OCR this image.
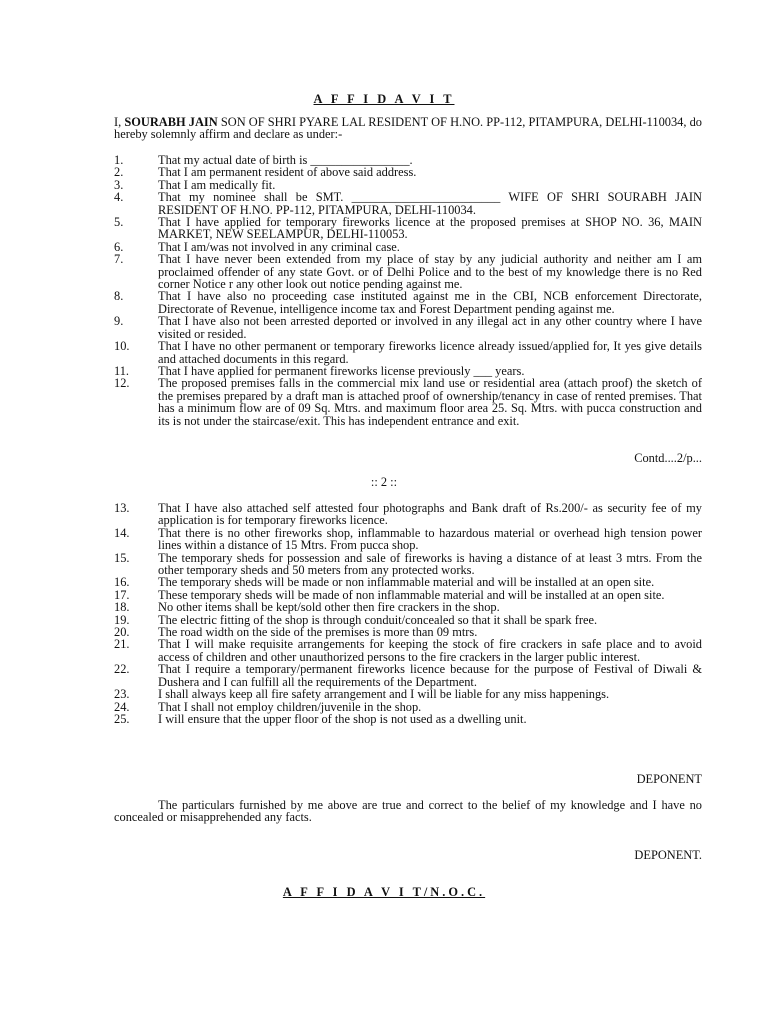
A F F I D A V I T
I, SOURABH JAIN SON OF SHRI PYARE LAL RESIDENT OF H.NO. PP-112, PITAMPURA, DELHI-110034, do hereby solemnly affirm and declare as under:-
1.	That my actual date of birth is ________________.
2.	That I am permanent resident of above said address.
3.	That I am medically fit.
4.	That my nominee shall be SMT. ________________________ WIFE OF SHRI SOURABH JAIN RESIDENT OF H.NO. PP-112, PITAMPURA, DELHI-110034.
5.	That I have applied for temporary fireworks licence at the proposed premises at SHOP NO. 36, MAIN MARKET, NEW SEELAMPUR, DELHI-110053.
6.	That I am/was not involved in any criminal case.
7.	That I have never been extended from my place of stay by any judicial authority and neither am I am proclaimed offender of any state Govt. or of Delhi Police and to the best of my knowledge there is no Red corner Notice r any other look out notice pending against me.
8.	That I have also no proceeding case instituted against me in the CBI, NCB enforcement Directorate, Directorate of Revenue, intelligence income tax and Forest Department pending against me.
9.	That I have also not been arrested deported or involved in any illegal act in any other country where I have visited or resided.
10.	That I have no other permanent or temporary fireworks licence already issued/applied for, It yes give details and attached documents in this regard.
11.	That I have applied for permanent fireworks license previously ___ years.
12.	The proposed premises falls in the commercial mix land use or residential area (attach proof) the sketch of the premises prepared by a draft man is attached proof of ownership/tenancy in case of rented premises. That has a minimum flow are of 09 Sq. Mtrs. and maximum floor area 25. Sq. Mtrs. with pucca construction and its is not under the staircase/exit. This has independent entrance and exit.
Contd....2/p...
:: 2 ::
13.	That I have also attached self attested four photographs and Bank draft of Rs.200/- as security fee of my application is for temporary fireworks licence.
14.	That there is no other fireworks shop, inflammable to hazardous material or overhead high tension power lines within a distance of 15 Mtrs. From pucca shop.
15.	The temporary sheds for possession and sale of fireworks is having a distance of at least 3 mtrs. From the other temporary sheds and 50 meters from any protected works.
16.	The temporary sheds will be made or non inflammable material and will be installed at an open site.
17.	These temporary sheds will be made of non inflammable material and will be installed at an open site.
18.	No other items shall be kept/sold other then fire crackers in the shop.
19.	The electric fitting of the shop is through conduit/concealed so that it shall be spark free.
20.	The road width on the side of the premises is more than 09 mtrs.
21.	That I will make requisite arrangements for keeping the stock of fire crackers in safe place and to avoid access of children and other unauthorized persons to the fire crackers in the larger public interest.
22.	That I require a temporary/permanent fireworks licence because for the purpose of Festival of Diwali & Dushera and I can fulfill all the requirements of the Department.
23.	I shall always keep all fire safety arrangement and I will be liable for any miss happenings.
24.	That I shall not employ children/juvenile in the shop.
25.	I will ensure that the upper floor of the shop is not used as a dwelling unit.
DEPONENT
The particulars furnished by me above are true and correct to the belief of my knowledge and I have no concealed or misapprehended any facts.
DEPONENT.
A F F I D A V I T/N.O.C.
